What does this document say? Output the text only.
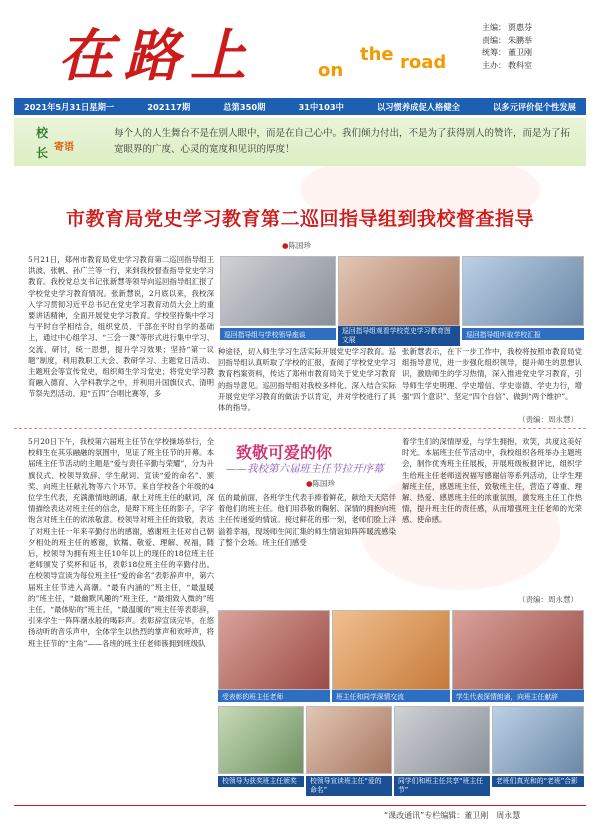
在路上	on
the road
主编： 贾惠芬
责编： 朱鹏举
统筹： 董卫刚
主办： 教科室
2021年5月31日星期一	202117期	总第350期	31中103中	以习惯养成促人格健全	以多元评价促个性发展
校
寄语
长
每个人的人生舞台不是在别人眼中，而是在自己心中。我们倾力付出，不是为了获得别人的赞许，而是为了拓宽眼界的广度、心灵的宽度和见识的厚度！
市教育局党史学习教育第二巡回指导组到我校督查指导
●陈国珍
5月21日，郑州市教育局党史学习教育第二巡回指导组王洪波、张帆、孙广兰等一行，来到我校督查指导党史学习教育。我校党总支书记张新慧等领导向巡回指导组汇报了学校党史学习教育情况。张新慧说，2月底以来，我校深入学习贯彻习近平总书记在党史学习教育动员大会上的重要讲话精神，全面开展党史学习教育。学校坚持集中学习与平时自学相结合，组织党员、干部在平时自学的基础上，通过中心组学习、“三会一课”等形式进行集中学习、交流、研讨，统一思想，提升学习效果；坚持“第一议题”制度，利用教职工大会、教研学习、主题党日活动、主题班会等宣传党史，组织师生学习党史；将党史学习教育融入德育、入学科教学之中，并利用升国旗仪式、清明节祭先烈活动、迎“五四”合唱比赛等，多
巡回指导组与学校领导座谈	巡回指导组观看学校党史学习教育图文展
巡回指导组听取学校汇报
种途径，切入师生学习生活实际开展党史学习教育。巡回指导组认真听取了学校的汇报，查阅了学校党史学习教育档案资料，传达了郑州市教育局关于党史学习教育的指导意见。巡回指导组对我校多样化、深入结合实际开展党史学习教育的做法予以肯定，并对学校进行了具体的指导。
张新慧表示，在下一步工作中，我校将按照市教育局党组指导意见，进一步强化组织领导，提升师生的思想认识，激励师生的学习热情，深入推进党史学习教育，引导师生学史明理、学史增信、学史崇德、学史力行，增强“四个意识”、坚定“四个自信”、做到“两个维护”。
（责编：周永慧）
5月20日下午，我校第六届班主任节在学校操场举行，全校师生在其乐融融的氛围中，见证了班主任节的开幕。本届班主任节活动的主题是“爱与责任辛勤与荣耀”，分为升旗仪式、校领导致辞、学生献词、宣读“爱的命名”、颁奖、向班主任献礼物等六个环节。来自学校各个年级的4位学生代表，充满激情地朗诵，献上对班主任的献词，深情描绘表达对班主任的信念，是辩下班主任的影子，字字饱含对班主任的浓浓敬意。校领导对班主任的致敬，表达了对班主任一年来辛勤付出的感谢，感谢班主任对自己朝夕相处的班主任的感谢，软糯、敬爱、理解、祝福，随后，校领导为拥有班主任10年以上的现任的18位班主任老师颁发了奖杯和证书，表彰18位班主任的辛勤付出。在校领导宣读为每位班主任“爱的命名”表彰辞声中，第六届班主任节进入高潮。“最有内涵的”班主任，“最温暖的”班主任，“最幽默风趣的”班主任，“最细致入微的”班主任，“最体贴的”班主任，“最温暖的”班主任等表彰辞，引来学生一阵阵潮水般的喝彩声。表彰辞宣读完毕，在悠扬动听的音乐声中，全体学生以热烈的掌声和欢呼声，将班主任节的“主角”——各班的班主任老师簇拥到班级队
致敬可爱的你
——我校第六届班主任节拉开序幕
●陈国珍
伍的最前面，各班学生代表手捧着鲜花，献给天天陪伴着他们的班主任。他们用恭敬的鞠躬、深情的拥抱向班主任传递爱的情谊。接过鲜花的那一刻，老师们脸上洋溢着幸福，现场师生间汇集的师生情谊如阵阵暖流感染了整个会场。班主任们感受
着学生们的深情厚爱，与学生拥抱，欢笑，共度这美好时光。本届班主任节活动中，我校组织各班举办主题班会，制作优秀班主任展板，开展班级板报评比，组织学生给班主任老师送祝福写感谢信等系列活动，让学生理解班主任，感恩班主任，致敬班主任，营造了尊重、理解、热爱、感恩班主任的浓重氛围，激发班主任工作热情，提升班主任的责任感，从而增强班主任老师的光荣感、使命感。
（责编：周永慧）
受表彰的班主任老师	班主任和同学深情交流	学生代表深情朗诵，向班主任献辞
校领导为获奖班主任颁奖	校领导宣读班主任“爱的命名”
同学们和班主任共享“班主任节”
老班们真光和的“老班”合影
“课改通讯”专栏编辑：董卫刚　周永慧
